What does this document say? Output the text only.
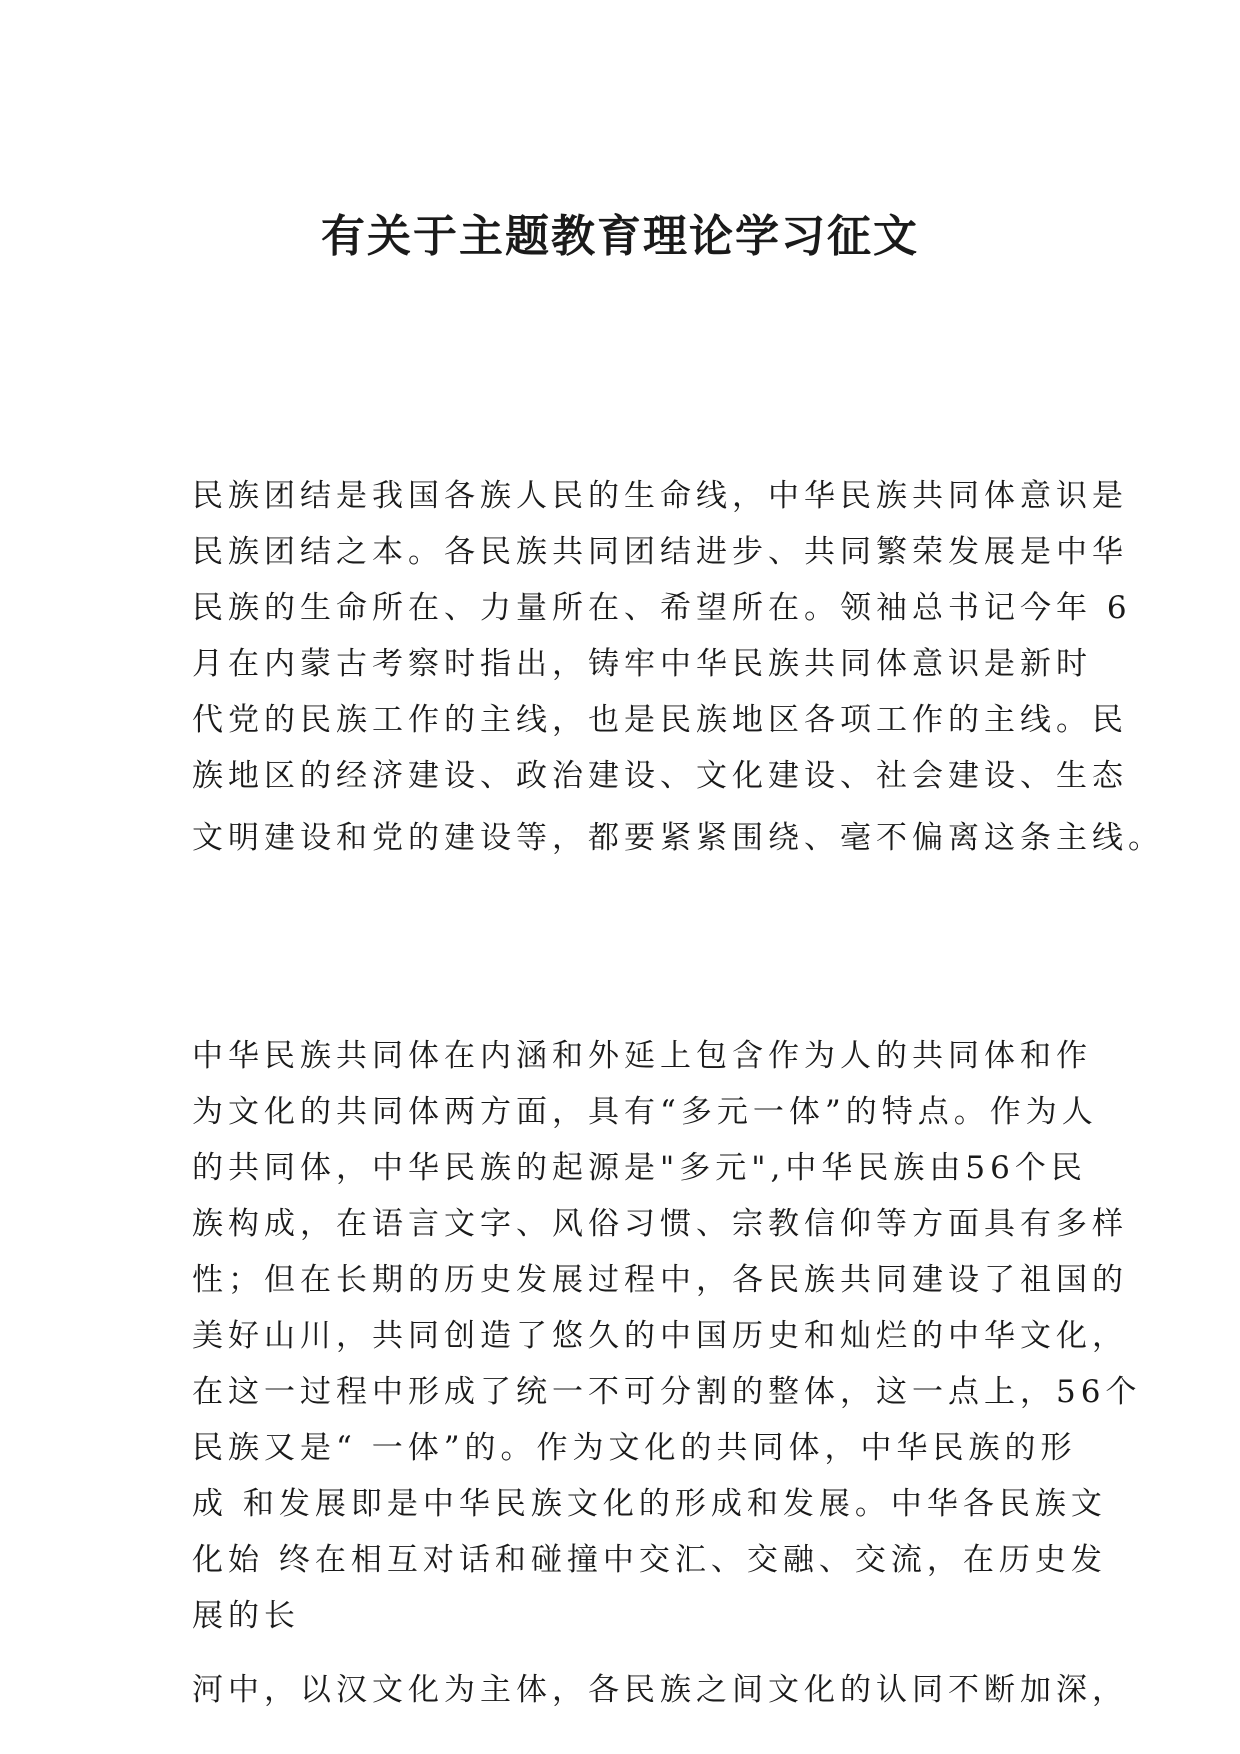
有关于主题教育理论学习征文
民族团结是我国各族人民的生命线，中华民族共同体意识是
民族团结之本。各民族共同团结进步、共同繁荣发展是中华
民族的生命所在、力量所在、希望所在。领袖总书记今年 6
月在内蒙古考察时指出，铸牢中华民族共同体意识是新时
代党的民族工作的主线，也是民族地区各项工作的主线。民
族地区的经济建设、政治建设、文化建设、社会建设、生态
文明建设和党的建设等，都要紧紧围绕、毫不偏离这条主线。
中华民族共同体在内涵和外延上包含作为人的共同体和作
为文化的共同体两方面，具有“多元一体”的特点。作为人
的共同体，中华民族的起源是"多元",中华民族由56个民
族构成，在语言文字、风俗习惯、宗教信仰等方面具有多样
性；但在长期的历史发展过程中，各民族共同建设了祖国的
美好山川，共同创造了悠久的中国历史和灿烂的中华文化，
在这一过程中形成了统一不可分割的整体，这一点上，56个
民族又是“ 一体”的。作为文化的共同体，中华民族的形
成 和发展即是中华民族文化的形成和发展。中华各民族文
化始 终在相互对话和碰撞中交汇、交融、交流，在历史发
展的长
河中，以汉文化为主体，各民族之间文化的认同不断加深，
